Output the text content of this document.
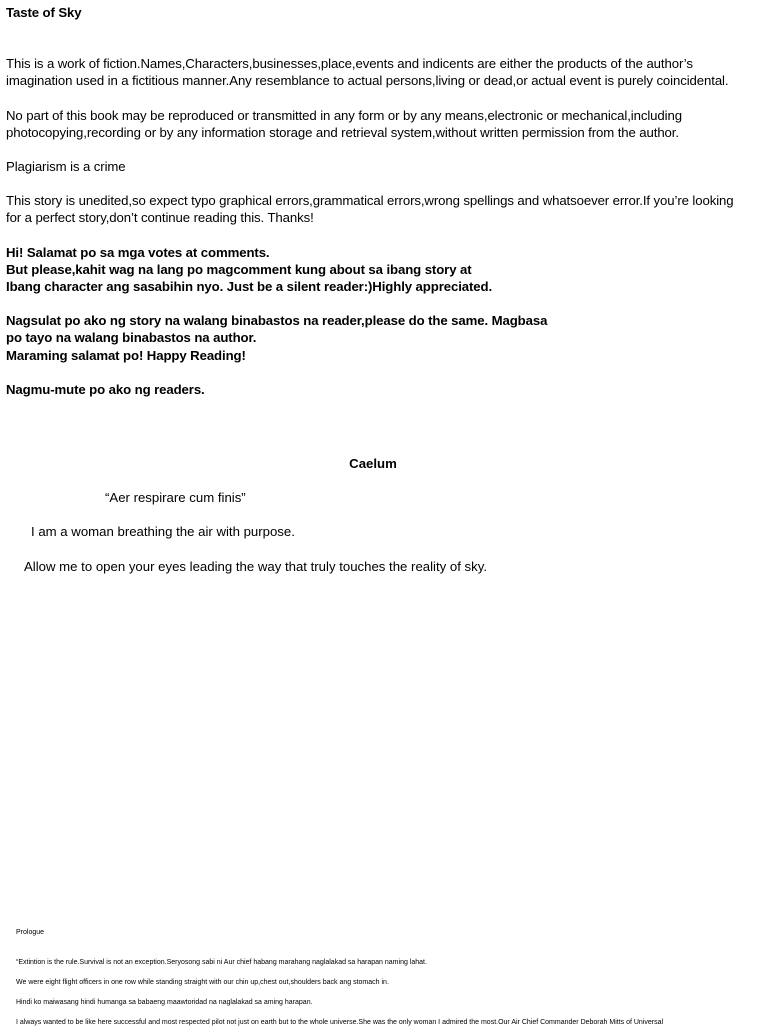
Taste of Sky

This is a work of fiction.Names,Characters,businesses,place,events and indicents are either the products of the author’s imagination used in a fictitious manner.Any resemblance to actual persons,living or dead,or actual event is purely coincidental.

No part of this book may be reproduced or transmitted in any form or by any means,electronic or mechanical,including photocopying,recording or by any information storage and retrieval system,without written permission from the author.

Plagiarism is a crime

This story is unedited,so expect typo graphical errors,grammatical errors,wrong spellings and whatsoever error.If you’re looking for a perfect story,don’t continue reading this. Thanks!

Hi! Salamat po sa mga votes at comments.

But please,kahit wag na lang po magcomment kung about sa ibang story at

Ibang character ang sasabihin nyo. Just be a silent reader:)Highly appreciated.

Nagsulat po ako ng story na walang binabastos na reader,please do the same. Magbasa

po tayo na walang binabastos na author.

Maraming salamat po! Happy Reading!

Nagmu-mute po ako ng readers.

Caelum
“Aer respirare cum finis”
I am a woman breathing the air with purpose.
Allow me to open your eyes leading the way that truly touches the reality of sky.
Prologue
“Extintion is the rule.Survival is not an exception.Seryosong sabi ni Aur chief habang marahang naglalakad sa harapan naming lahat.
We were eight flight officers in one row while standing straight with our chin up,chest out,shoulders back ang stomach in.
Hindi ko maiwasang hindi humanga sa babaeng maawtoridad na naglalakad sa aming harapan.
I always wanted to be like here successful and most respected pilot not just on earth but to the whole universe.She was the only woman I admired the most.Our Air Chief Commander Deborah Mitts of Universal
